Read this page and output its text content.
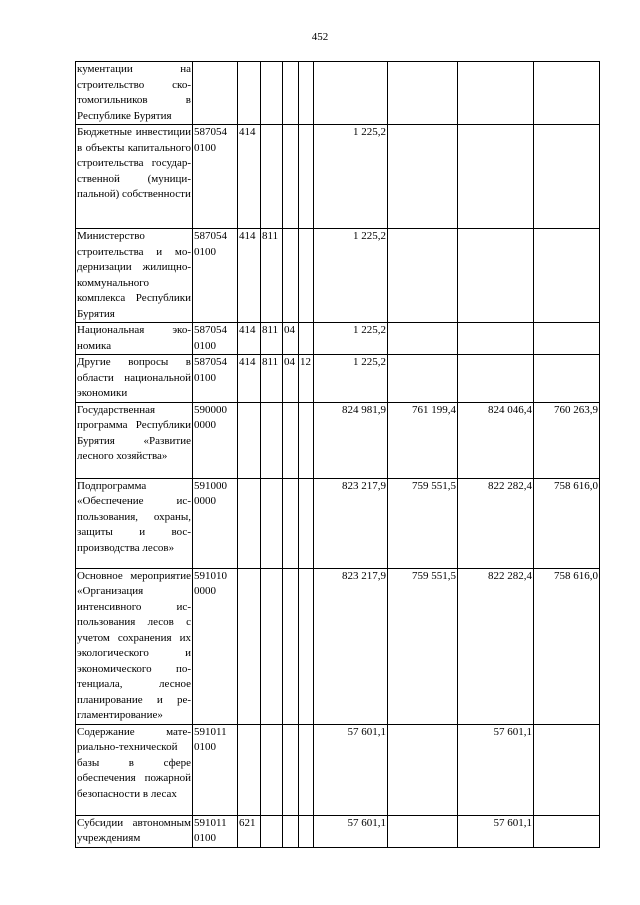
452
кументации на строительство скотомогильников в Республике Бурятия									
Бюджетные инвестиции в объекты капитального строительства государственной (муниципальной) собственности	587054 0100	414				1 225,2			
Министерство строительства и модернизации жилищно-коммунального комплекса Республики Бурятия	587054 0100	414	811			1 225,2			
Национальная экономика	587054 0100	414	811	04		1 225,2			
Другие вопросы в области национальной экономики	587054 0100	414	811	04	12	1 225,2			
Государственная программа Республики Бурятия «Развитие лесного хозяйства»	590000 0000					824 981,9	761 199,4	824 046,4	760 263,9
Подпрограмма «Обеспечение использования, охраны, защиты и воспроизводства лесов»	591000 0000					823 217,9	759 551,5	822 282,4	758 616,0
Основное мероприятие «Организация интенсивного использования лесов с учетом сохранения их экологического и экономического потенциала, лесное планирование и регламентирование»	591010 0000					823 217,9	759 551,5	822 282,4	758 616,0
Содержание материально-технической базы в сфере обеспечения пожарной безопасности в лесах	591011 0100					57 601,1		57 601,1	
Субсидии автономным учреждениям	591011 0100	621				57 601,1		57 601,1	
